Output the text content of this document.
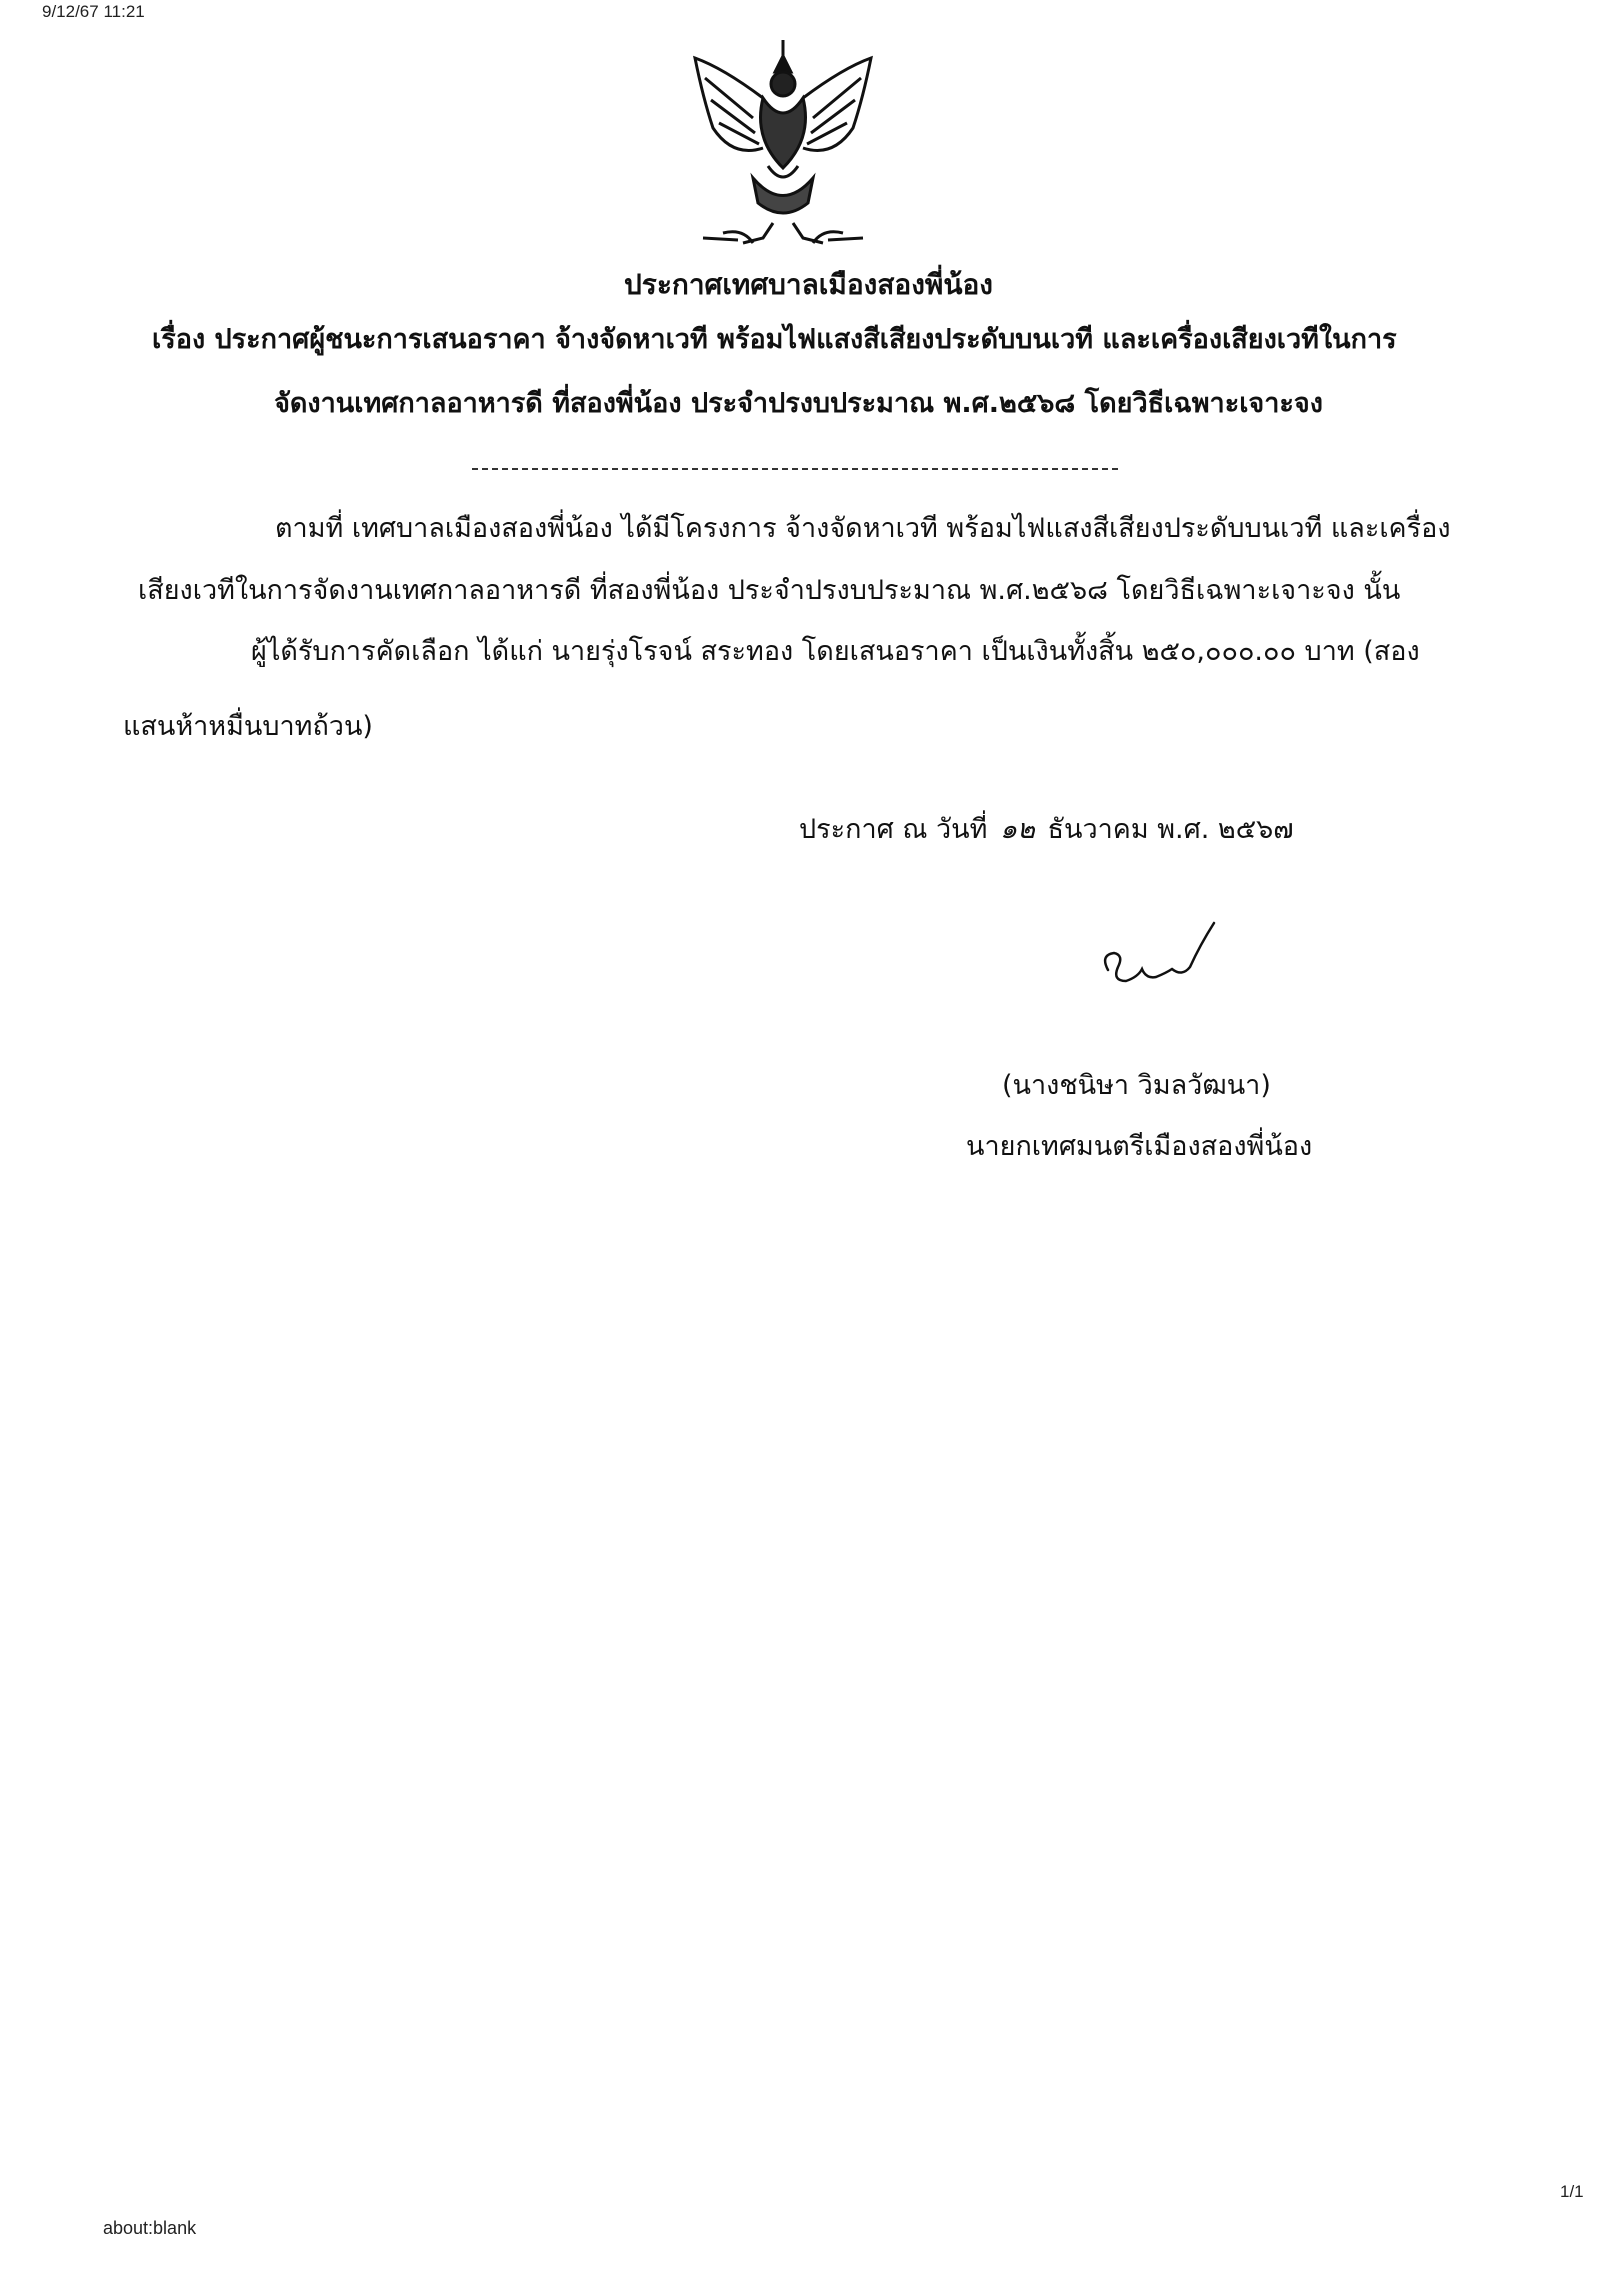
9/12/67 11:21
ประกาศเทศบาลเมืองสองพี่น้อง
เรื่อง ประกาศผู้ชนะการเสนอราคา จ้างจัดหาเวที พร้อมไฟแสงสีเสียงประดับบนเวที และเครื่องเสียงเวทีในการ
จัดงานเทศกาลอาหารดี ที่สองพี่น้อง ประจำปรงบประมาณ พ.ศ.๒๕๖๘ โดยวิธีเฉพาะเจาะจง
ตามที่ เทศบาลเมืองสองพี่น้อง ได้มีโครงการ จ้างจัดหาเวที พร้อมไฟแสงสีเสียงประดับบนเวที และเครื่อง
เสียงเวทีในการจัดงานเทศกาลอาหารดี ที่สองพี่น้อง ประจำปรงบประมาณ พ.ศ.๒๕๖๘ โดยวิธีเฉพาะเจาะจง นั้น
ผู้ได้รับการคัดเลือก ได้แก่ นายรุ่งโรจน์ สระทอง โดยเสนอราคา เป็นเงินทั้งสิ้น ๒๕๐,๐๐๐.๐๐ บาท (สอง
แสนห้าหมื่นบาทถ้วน)
ประกาศ ณ วันที่ ๑๒ ธันวาคม พ.ศ. ๒๕๖๗
(นางชนิษา วิมลวัฒนา)
นายกเทศมนตรีเมืองสองพี่น้อง
1/1
about:blank
